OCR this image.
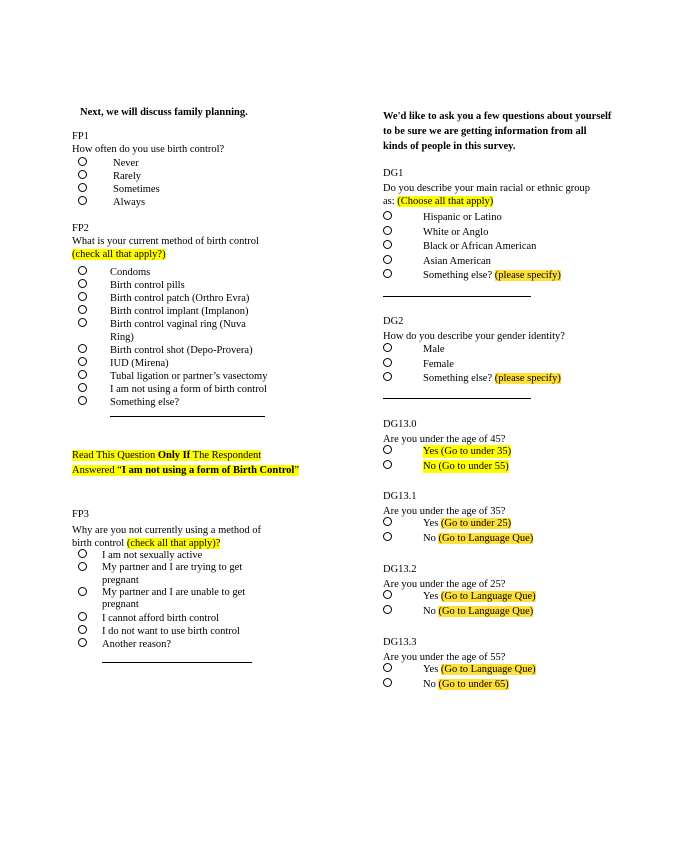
Next, we will discuss family planning.
FP1
How often do you use birth control?
Never
Rarely
Sometimes
Always
FP2
What is your current method of birth control
(check all that apply?)
Condoms
Birth control pills
Birth control patch (Orthro Evra)
Birth control implant (Implanon)
Birth control vaginal ring (Nuva Ring)
Birth control shot (Depo-Provera)
IUD (Mirena)
Tubal ligation or partner’s vasectomy
I am not using a form of birth control
Something else?
Read This Question Only If The Respondent
Answered “I am not using a form of Birth Control”
FP3
Why are you not currently using a method of
birth control (check all that apply)?
I am not sexually active
My partner and I are trying to get pregnant
My partner and I are unable to get pregnant
I cannot afford birth control
I do not want to use birth control
Another reason?
We'd like to ask you a few questions about yourself to be sure we are getting information from all kinds of people in this survey.
DG1
Do you describe your main racial or ethnic group
as: (Choose all that apply)
Hispanic or Latino
White or Anglo
Black or African American
Asian American
Something else? (please specify)
DG2
How do you describe your gender identity?
Male
Female
Something else? (please specify)
DG13.0
Are you under the age of 45?
Yes (Go to under 35)
No (Go to under 55)
DG13.1
Are you under the age of 35?
Yes (Go to under 25)
No (Go to Language Que)
DG13.2
Are you under the age of 25?
Yes (Go to Language Que)
No (Go to Language Que)
DG13.3
Are you under the age of 55?
Yes (Go to Language Que)
No (Go to under 65)
